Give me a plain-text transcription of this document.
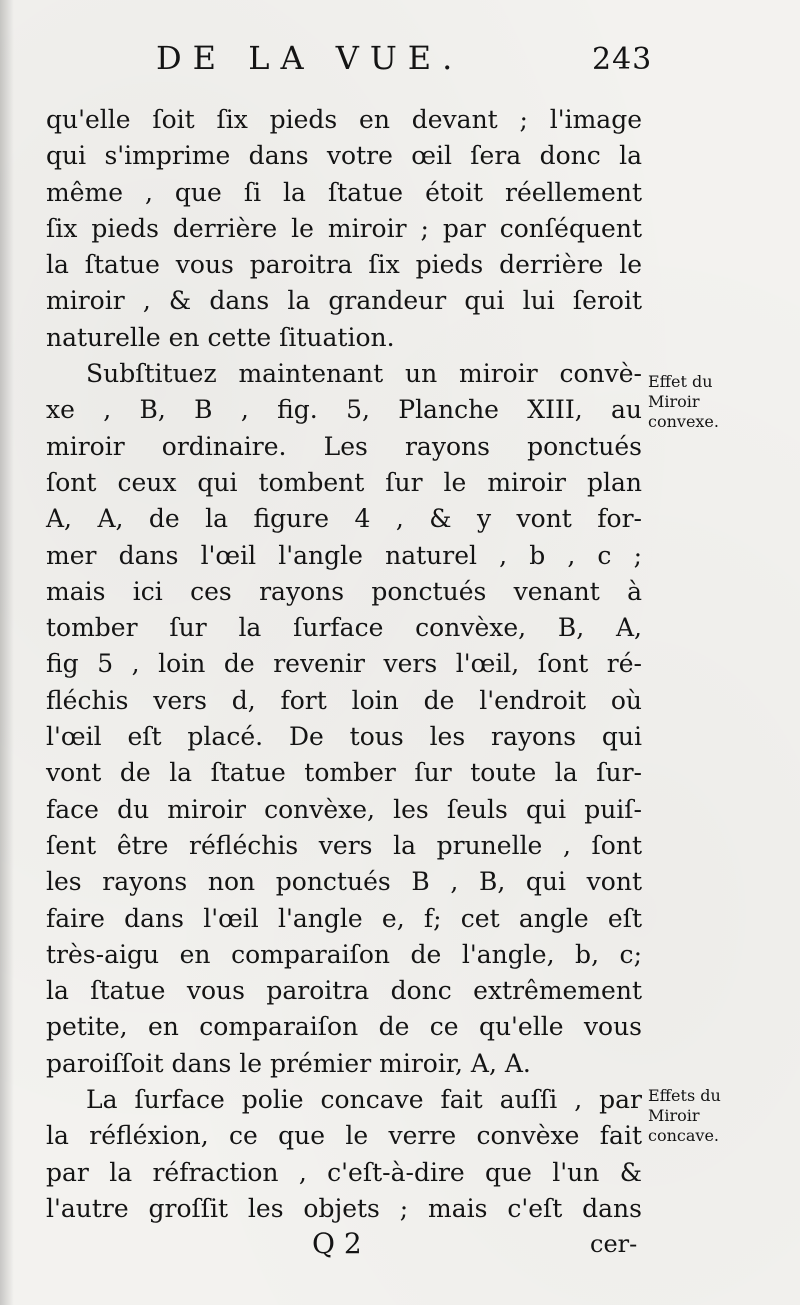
DE LA VUE.	243
qu'elle ſoit ſix pieds en devant ; l'image
qui s'imprime dans votre œil ſera donc la
même , que ſi la ſtatue étoit réellement
ſix pieds derrière le miroir ; par conſéquent
la ſtatue vous paroitra ſix pieds derrière le
miroir , & dans la grandeur qui lui ſeroit
naturelle en cette ſituation.
Subſtituez maintenant un miroir convè-
xe , B, B , fig. 5, Planche XIII, au
miroir ordinaire. Les rayons ponctués
ſont ceux qui tombent ſur le miroir plan
A, A, de la figure 4 , & y vont for-
mer dans l'œil l'angle naturel , b , c ;
mais ici ces rayons ponctués venant à
tomber ſur la ſurface convèxe, B, A,
fig 5 , loin de revenir vers l'œil, ſont ré-
fléchis vers d, fort loin de l'endroit où
l'œil eſt placé. De tous les rayons qui
vont de la ſtatue tomber ſur toute la ſur-
face du miroir convèxe, les ſeuls qui puiſ-
ſent être réfléchis vers la prunelle , ſont
les rayons non ponctués B , B, qui vont
faire dans l'œil l'angle e, f; cet angle eſt
très-aigu en comparaiſon de l'angle, b, c;
la ſtatue vous paroitra donc extrêmement
petite, en comparaiſon de ce qu'elle vous
paroiſſoit dans le prémier miroir, A, A.
La ſurface polie concave fait auſſi , par
la réfléxion, ce que le verre convèxe fait
par la réfraction , c'eſt-à-dire que l'un &
l'autre groſſit les objets ; mais c'eſt dans
Effet du
Miroir
convexe.
Effets du
Miroir
concave.
Q 2	cer-
